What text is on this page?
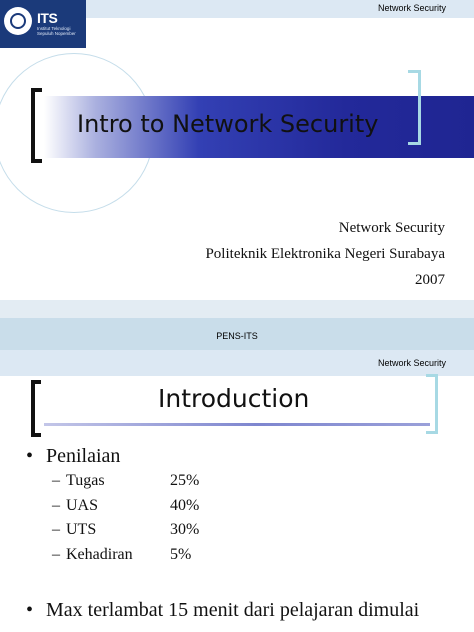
ITS
Institut Teknologi Sepuluh Nopember
Network Security
Intro to Network Security
Network Security
Politeknik Elektronika Negeri Surabaya
2007
PENS-ITS
Network Security
Introduction
• Penilaian
– Tugas	25%
– UAS	40%
– UTS	30%
– Kehadiran 5%
• Max terlambat 15 menit dari pelajaran dimulai
